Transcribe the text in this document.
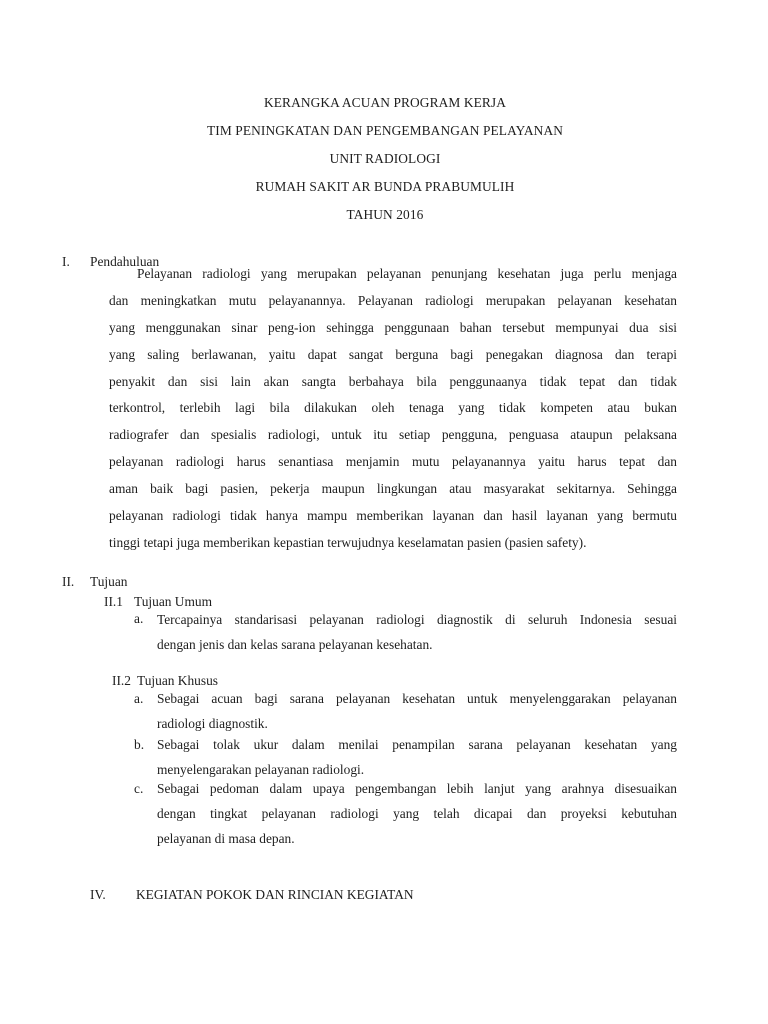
KERANGKA ACUAN PROGRAM KERJA
TIM PENINGKATAN DAN PENGEMBANGAN PELAYANAN
UNIT RADIOLOGI
RUMAH SAKIT AR BUNDA PRABUMULIH
TAHUN 2016
I. Pendahuluan
Pelayanan radiologi yang merupakan pelayanan penunjang kesehatan juga perlu menjaga
dan meningkatkan mutu pelayanannya. Pelayanan radiologi merupakan pelayanan kesehatan
yang menggunakan sinar peng-ion sehingga penggunaan bahan tersebut mempunyai dua sisi
yang saling berlawanan, yaitu dapat sangat berguna bagi penegakan diagnosa dan terapi
penyakit dan sisi lain akan sangta berbahaya bila penggunaanya tidak tepat dan tidak
terkontrol, terlebih lagi bila dilakukan oleh tenaga yang tidak kompeten atau bukan
radiografer dan spesialis radiologi, untuk itu setiap pengguna, penguasa ataupun pelaksana
pelayanan radiologi harus senantiasa menjamin mutu pelayanannya yaitu harus tepat dan
aman baik bagi pasien, pekerja maupun lingkungan atau masyarakat sekitarnya. Sehingga
pelayanan radiologi tidak hanya mampu memberikan layanan dan hasil layanan yang bermutu
tinggi tetapi juga memberikan kepastian terwujudnya keselamatan pasien (pasien safety).
II. Tujuan
II.1 Tujuan Umum
a. Tercapainya standarisasi pelayanan radiologi diagnostik di seluruh Indonesia sesuai
dengan jenis dan kelas sarana pelayanan kesehatan.
II.2 Tujuan Khusus
a. Sebagai acuan bagi sarana pelayanan kesehatan untuk menyelenggarakan pelayanan
radiologi diagnostik.
b. Sebagai tolak ukur dalam menilai penampilan sarana pelayanan kesehatan yang
menyelengarakan pelayanan radiologi.
c. Sebagai pedoman dalam upaya pengembangan lebih lanjut yang arahnya disesuaikan
dengan tingkat pelayanan radiologi yang telah dicapai dan proyeksi kebutuhan
pelayanan di masa depan.
IV. KEGIATAN POKOK DAN RINCIAN KEGIATAN
